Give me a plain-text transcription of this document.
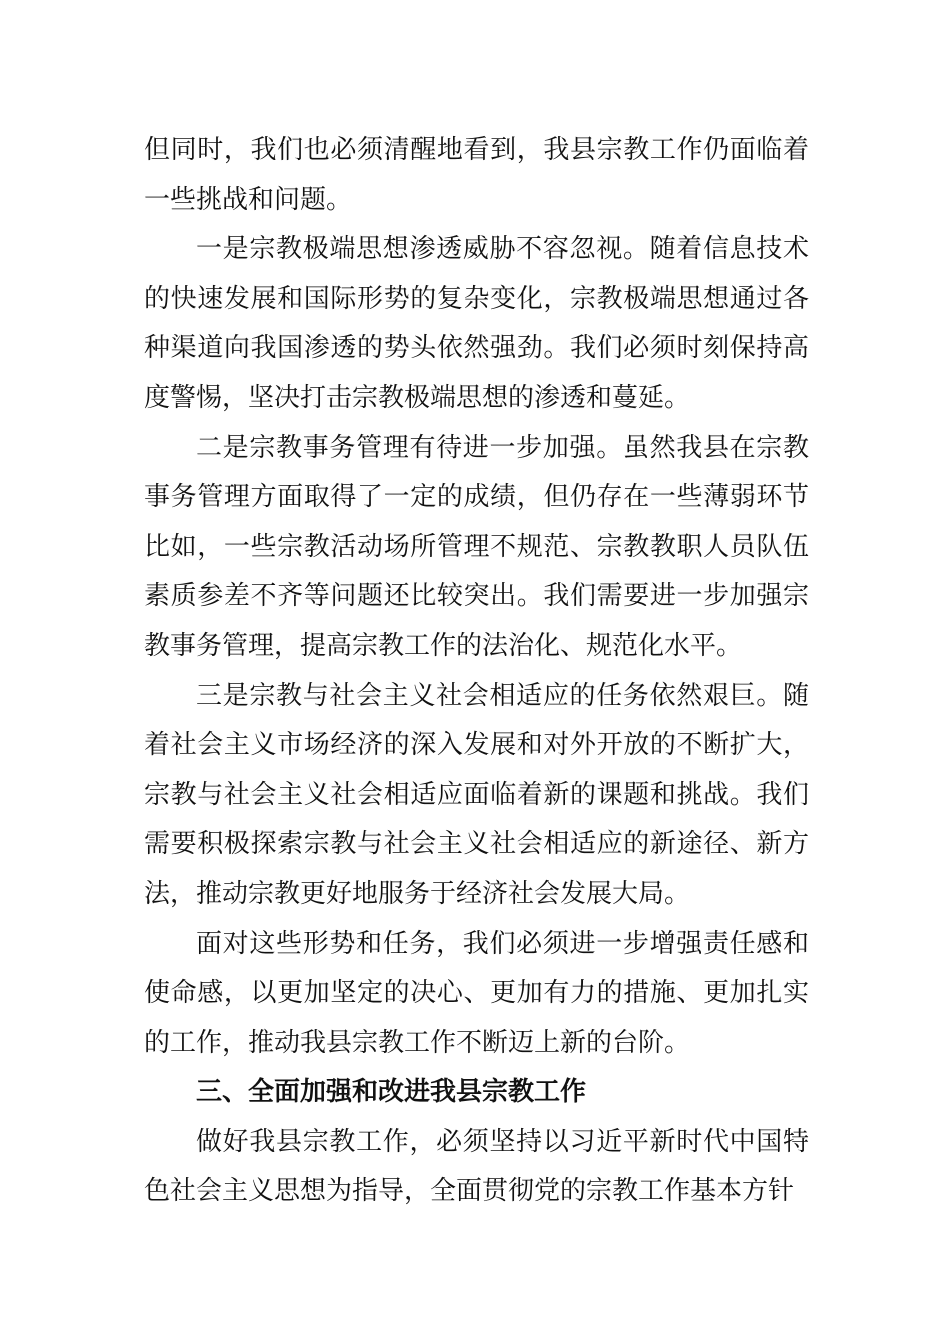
但同时，我们也必须清醒地看到，我县宗教工作仍面临着一些挑战和问题。

一是宗教极端思想渗透威胁不容忽视。随着信息技术的快速发展和国际形势的复杂变化，宗教极端思想通过各种渠道向我国渗透的势头依然强劲。我们必须时刻保持高度警惕，坚决打击宗教极端思想的渗透和蔓延。

二是宗教事务管理有待进一步加强。虽然我县在宗教事务管理方面取得了一定的成绩，但仍存在一些薄弱环节比如，一些宗教活动场所管理不规范、宗教教职人员队伍素质参差不齐等问题还比较突出。我们需要进一步加强宗教事务管理，提高宗教工作的法治化、规范化水平。

三是宗教与社会主义社会相适应的任务依然艰巨。随着社会主义市场经济的深入发展和对外开放的不断扩大，宗教与社会主义社会相适应面临着新的课题和挑战。我们需要积极探索宗教与社会主义社会相适应的新途径、新方法，推动宗教更好地服务于经济社会发展大局。

面对这些形势和任务，我们必须进一步增强责任感和使命感，以更加坚定的决心、更加有力的措施、更加扎实的工作，推动我县宗教工作不断迈上新的台阶。

三、全面加强和改进我县宗教工作

做好我县宗教工作，必须坚持以习近平新时代中国特色社会主义思想为指导，全面贯彻党的宗教工作基本方针
